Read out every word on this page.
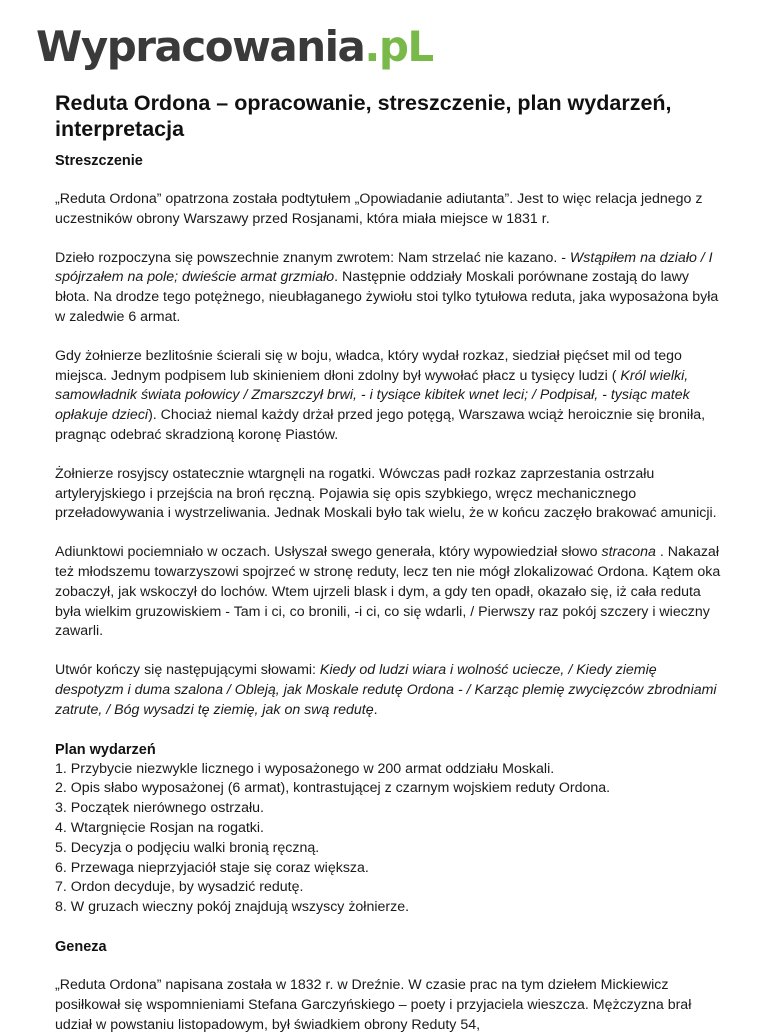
Wypracowania .pL
Reduta Ordona – opracowanie, streszczenie, plan wydarzeń, interpretacja
Streszczenie

„Reduta Ordona” opatrzona została podtytułem „Opowiadanie adiutanta”. Jest to więc relacja jednego z uczestników obrony Warszawy przed Rosjanami, która miała miejsce w 1831 r.

Dzieło rozpoczyna się powszechnie znanym zwrotem: Nam strzelać nie kazano. - Wstąpiłem na działo / I spójrzałem na pole; dwieście armat grzmiało. Następnie oddziały Moskali porównane zostają do lawy błota. Na drodze tego potężnego, nieubłaganego żywiołu stoi tylko tytułowa reduta, jaka wyposażona była w zaledwie 6 armat.

Gdy żołnierze bezlitośnie ścierali się w boju, władca, który wydał rozkaz, siedział pięćset mil od tego miejsca. Jednym podpisem lub skinieniem dłoni zdolny był wywołać płacz u tysięcy ludzi ( Król wielki, samowładnik świata połowicy / Zmarszczył brwi, - i tysiące kibitek wnet leci; / Podpisał, - tysiąc matek opłakuje dzieci). Chociaż niemal każdy drżał przed jego potęgą, Warszawa wciąż heroicznie się broniła, pragnąc odebrać skradzioną koronę Piastów.

Żołnierze rosyjscy ostatecznie wtargnęli na rogatki. Wówczas padł rozkaz zaprzestania ostrzału artyleryjskiego i przejścia na broń ręczną. Pojawia się opis szybkiego, wręcz mechanicznego przeładowywania i wystrzeliwania. Jednak Moskali było tak wielu, że w końcu zaczęło brakować amunicji.

Adiunktowi pociemniało w oczach. Usłyszał swego generała, który wypowiedział słowo stracona . Nakazał też młodszemu towarzyszowi spojrzeć w stronę reduty, lecz ten nie mógł zlokalizować Ordona. Kątem oka zobaczył, jak wskoczył do lochów. Wtem ujrzeli blask i dym, a gdy ten opadł, okazało się, iż cała reduta była wielkim gruzowiskiem - Tam i ci, co bronili, -i ci, co się wdarli, / Pierwszy raz pokój szczery i wieczny zawarli.

Utwór kończy się następującymi słowami: Kiedy od ludzi wiara i wolność uciecze, / Kiedy ziemię despotyzm i duma szalona / Obleją, jak Moskale redutę Ordona - / Karząc plemię zwycięzców zbrodniami zatrute, / Bóg wysadzi tę ziemię, jak on swą redutę.

Plan wydarzeń
1. Przybycie niezwykle licznego i wyposażonego w 200 armat oddziału Moskali.
2. Opis słabo wyposażonej (6 armat), kontrastującej z czarnym wojskiem reduty Ordona.
3. Początek nierównego ostrzału.
4. Wtargnięcie Rosjan na rogatki.
5. Decyzja o podjęciu walki bronią ręczną.
6. Przewaga nieprzyjaciół staje się coraz większa.
7. Ordon decyduje, by wysadzić redutę.
8. W gruzach wieczny pokój znajdują wszyscy żołnierze.
Geneza

„Reduta Ordona” napisana została w 1832 r. w Dreźnie. W czasie prac na tym dziełem Mickiewicz posiłkował się wspomnieniami Stefana Garczyńskiego – poety i przyjaciela wieszcza. Mężczyzna brał udział w powstaniu listopadowym, był świadkiem obrony Reduty 54,
